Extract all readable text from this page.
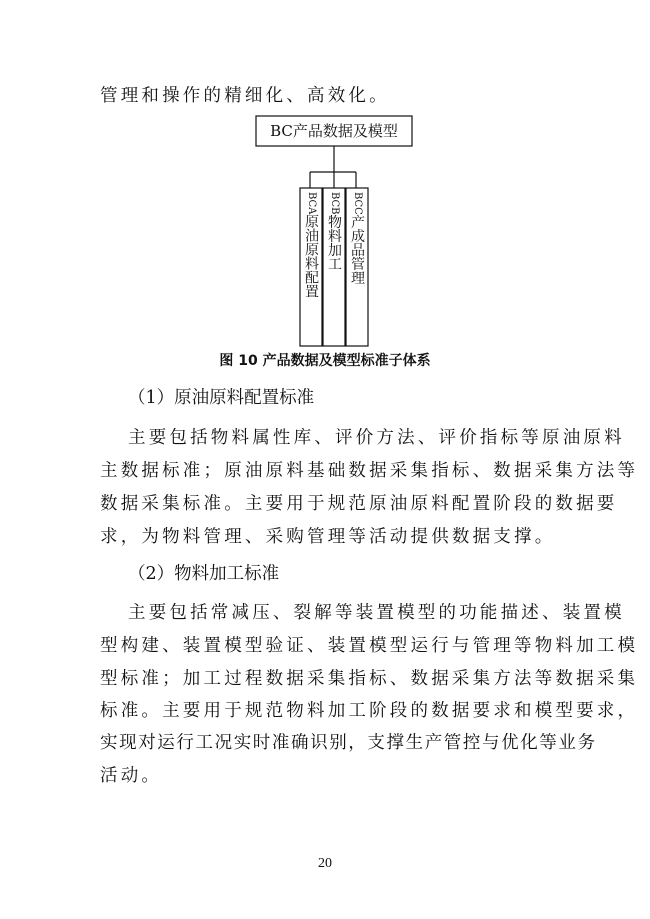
管理和操作的精细化、高效化。

BC产品数据及模型
BCA原油原料配置
BCB物料加工
BCC产成品管理
图 10 产品数据及模型标准子体系

（1）原油原料配置标准

主要包括物料属性库、评价方法、评价指标等原油原料

主数据标准；原油原料基础数据采集指标、数据采集方法等

数据采集标准。主要用于规范原油原料配置阶段的数据要

求，为物料管理、采购管理等活动提供数据支撑。

（2）物料加工标准

主要包括常减压、裂解等装置模型的功能描述、装置模

型构建、装置模型验证、装置模型运行与管理等物料加工模

型标准；加工过程数据采集指标、数据采集方法等数据采集

标准。主要用于规范物料加工阶段的数据要求和模型要求，

实现对运行工况实时准确识别，支撑生产管控与优化等业务

活动。

20
